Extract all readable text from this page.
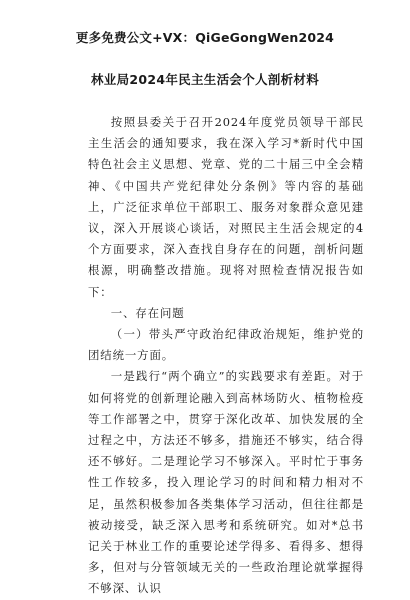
更多免费公文+VX：QiGeGongWen2024
林业局2024年民主生活会个人剖析材料

按照县委关于召开2024年度党员领导干部民主生活会的通知要求，我在深入学习*新时代中国特色社会主义思想、党章、党的二十届三中全会精神、《中国共产党纪律处分条例》等内容的基础上，广泛征求单位干部职工、服务对象群众意见建议，深入开展谈心谈话，对照民主生活会规定的4个方面要求，深入查找自身存在的问题，剖析问题根源，明确整改措施。现将对照检查情况报告如下：

一、存在问题

（一）带头严守政治纪律政治规矩，维护党的团结统一方面。

一是践行“两个确立”的实践要求有差距。对于如何将党的创新理论融入到高林场防火、植物检疫等工作部署之中，贯穿于深化改革、加快发展的全过程之中，方法还不够多，措施还不够实，结合得还不够好。二是理论学习不够深入。平时忙于事务性工作较多，投入理论学习的时间和精力相对不足，虽然积极参加各类集体学习活动，但往往都是被动接受，缺乏深入思考和系统研究。如对*总书记关于林业工作的重要论述学得多、看得多、想得多，但对与分管领域无关的一些政治理论就掌握得不够深、认识
